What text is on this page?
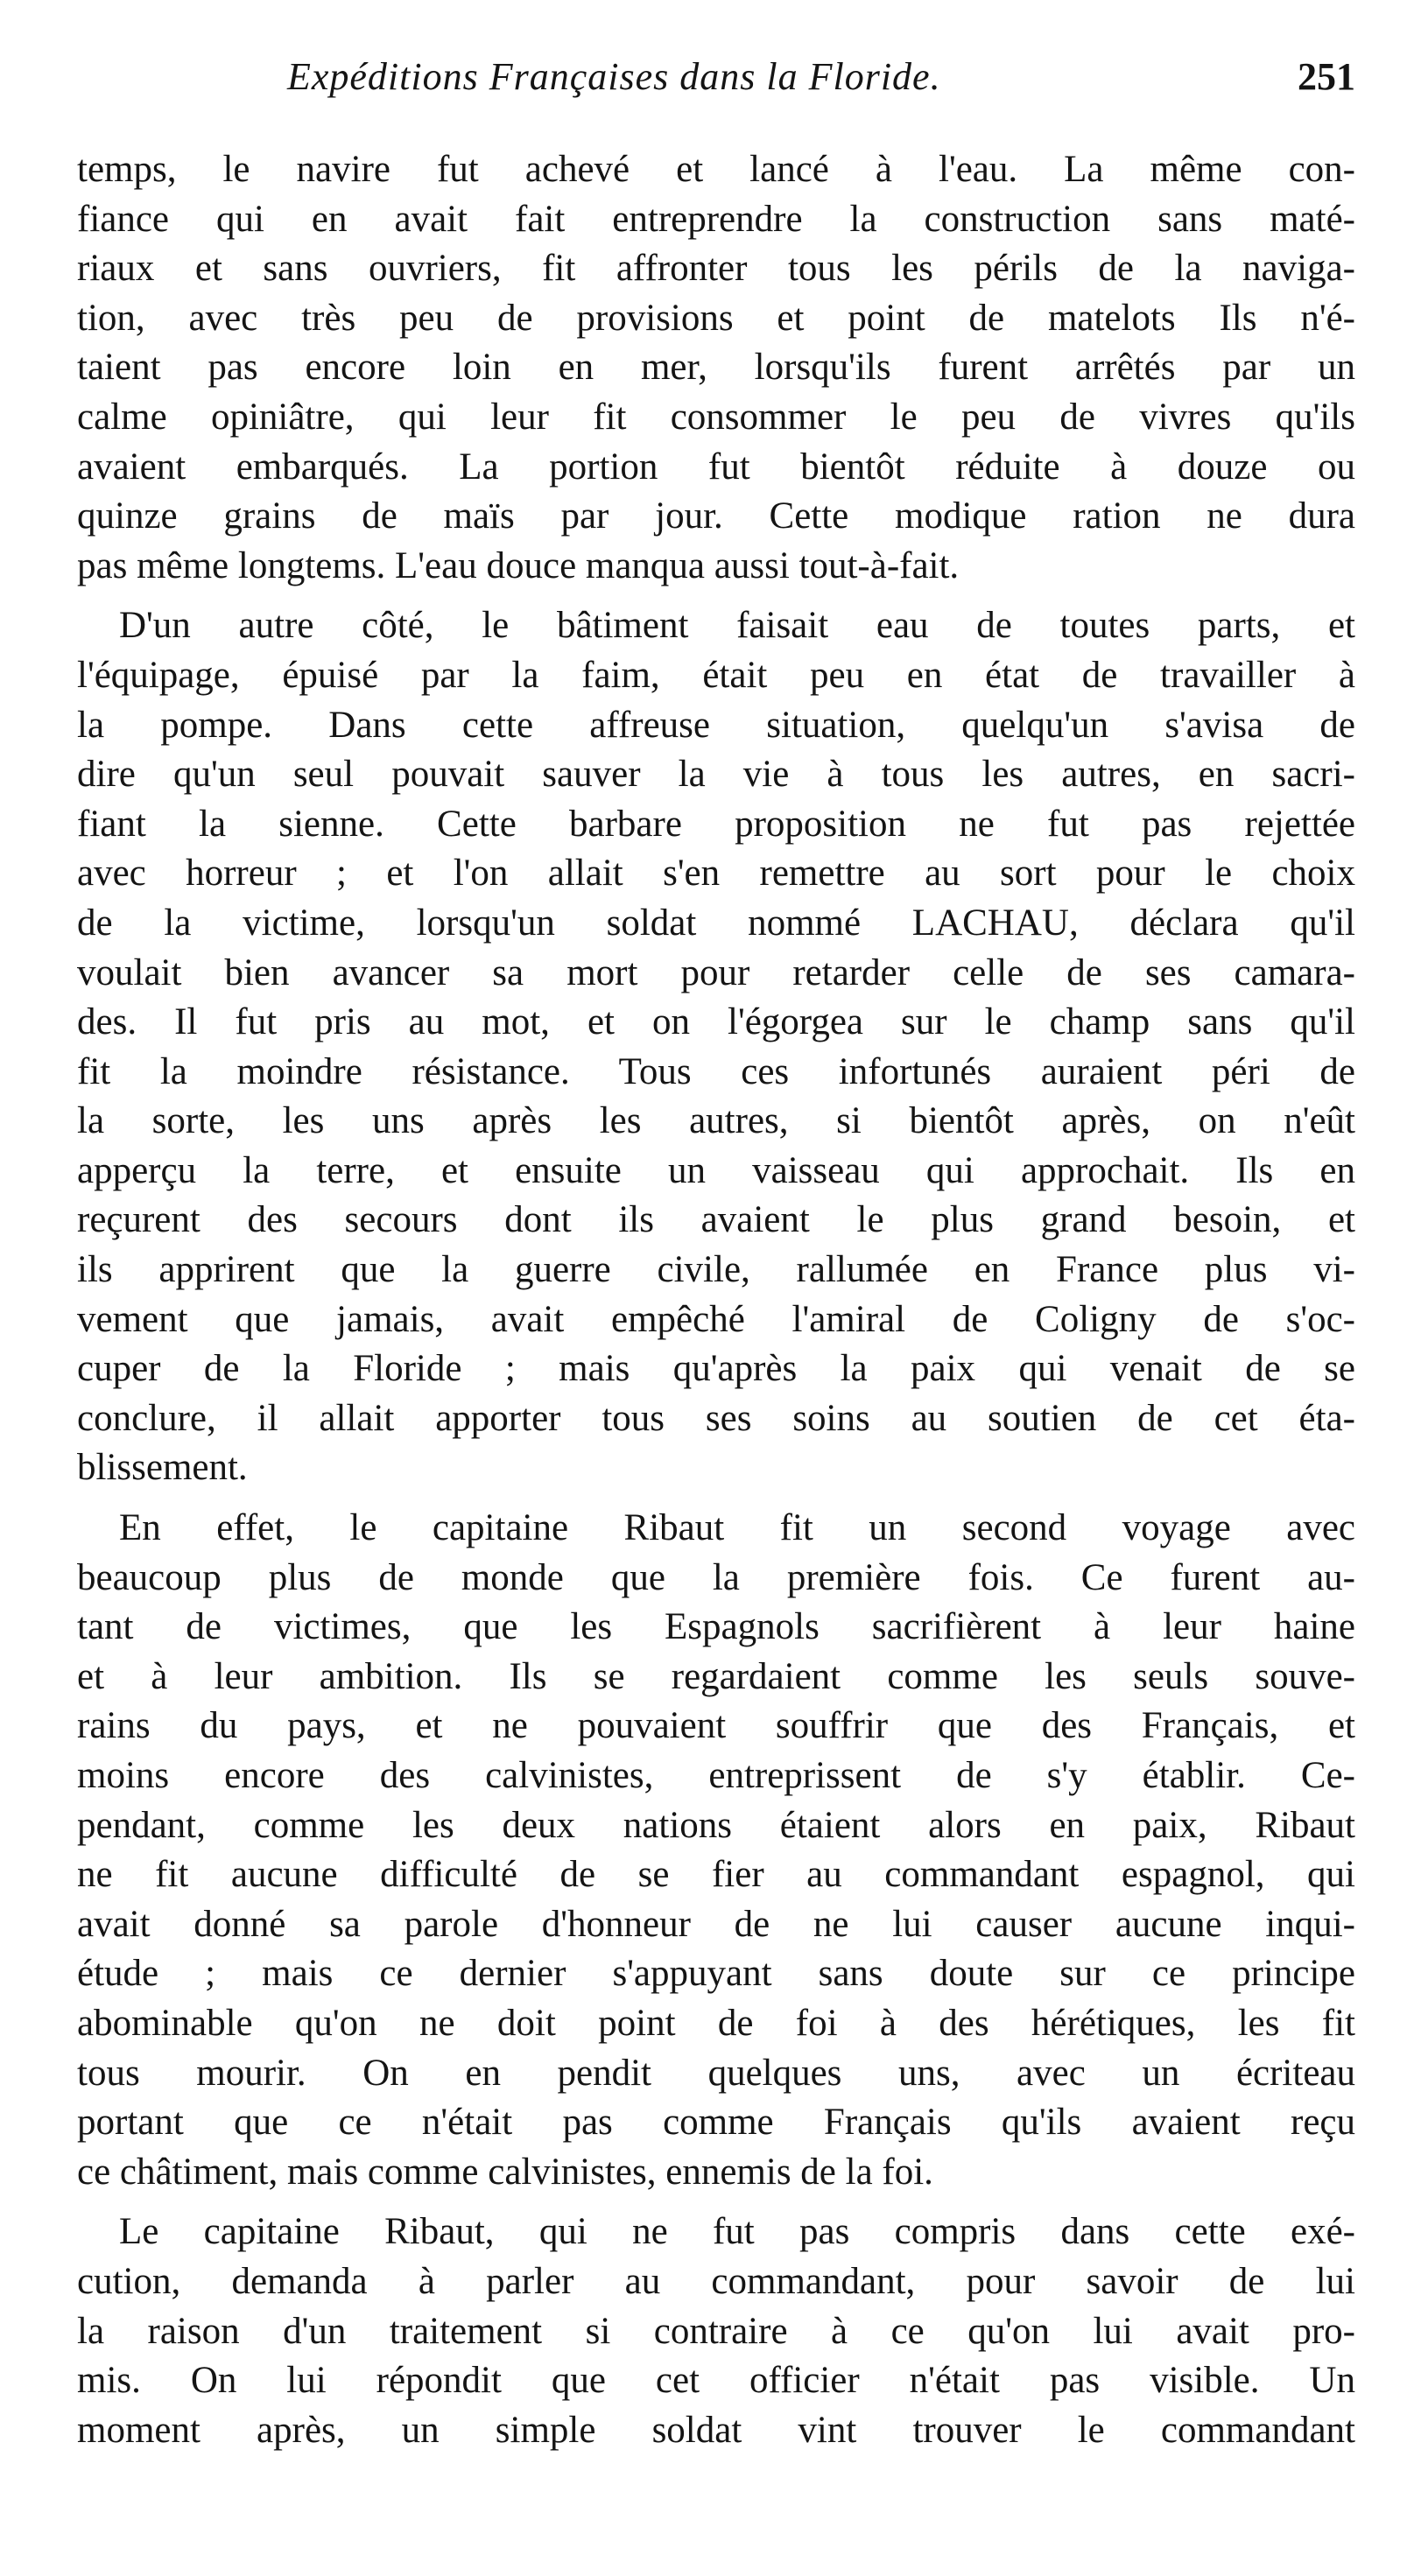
Expéditions Françaises dans la Floride.	251
temps, le navire fut achevé et lancé à l'eau. La même con-
fiance qui en avait fait entreprendre la construction sans maté-
riaux et sans ouvriers, fit affronter tous les périls de la naviga-
tion, avec très peu de provisions et point de matelots Ils n'é-
taient pas encore loin en mer, lorsqu'ils furent arrêtés par un
calme opiniâtre, qui leur fit consommer le peu de vivres qu'ils
avaient embarqués. La portion fut bientôt réduite à douze ou
quinze grains de maïs par jour. Cette modique ration ne dura
pas même longtems. L'eau douce manqua aussi tout-à-fait.
D'un autre côté, le bâtiment faisait eau de toutes parts, et
l'équipage, épuisé par la faim, était peu en état de travailler à
la pompe. Dans cette affreuse situation, quelqu'un s'avisa de
dire qu'un seul pouvait sauver la vie à tous les autres, en sacri-
fiant la sienne. Cette barbare proposition ne fut pas rejettée
avec horreur ; et l'on allait s'en remettre au sort pour le choix
de la victime, lorsqu'un soldat nommé LACHAU, déclara qu'il
voulait bien avancer sa mort pour retarder celle de ses camara-
des. Il fut pris au mot, et on l'égorgea sur le champ sans qu'il
fit la moindre résistance. Tous ces infortunés auraient péri de
la sorte, les uns après les autres, si bientôt après, on n'eût
apperçu la terre, et ensuite un vaisseau qui approchait. Ils en
reçurent des secours dont ils avaient le plus grand besoin, et
ils apprirent que la guerre civile, rallumée en France plus vi-
vement que jamais, avait empêché l'amiral de Coligny de s'oc-
cuper de la Floride ; mais qu'après la paix qui venait de se
conclure, il allait apporter tous ses soins au soutien de cet éta-
blissement.
En effet, le capitaine Ribaut fit un second voyage avec
beaucoup plus de monde que la première fois. Ce furent au-
tant de victimes, que les Espagnols sacrifièrent à leur haine
et à leur ambition. Ils se regardaient comme les seuls souve-
rains du pays, et ne pouvaient souffrir que des Français, et
moins encore des calvinistes, entreprissent de s'y établir. Ce-
pendant, comme les deux nations étaient alors en paix, Ribaut
ne fit aucune difficulté de se fier au commandant espagnol, qui
avait donné sa parole d'honneur de ne lui causer aucune inqui-
étude ; mais ce dernier s'appuyant sans doute sur ce principe
abominable qu'on ne doit point de foi à des hérétiques, les fit
tous mourir. On en pendit quelques uns, avec un écriteau
portant que ce n'était pas comme Français qu'ils avaient reçu
ce châtiment, mais comme calvinistes, ennemis de la foi.
Le capitaine Ribaut, qui ne fut pas compris dans cette exé-
cution, demanda à parler au commandant, pour savoir de lui
la raison d'un traitement si contraire à ce qu'on lui avait pro-
mis. On lui répondit que cet officier n'était pas visible. Un
moment après, un simple soldat vint trouver le commandant
